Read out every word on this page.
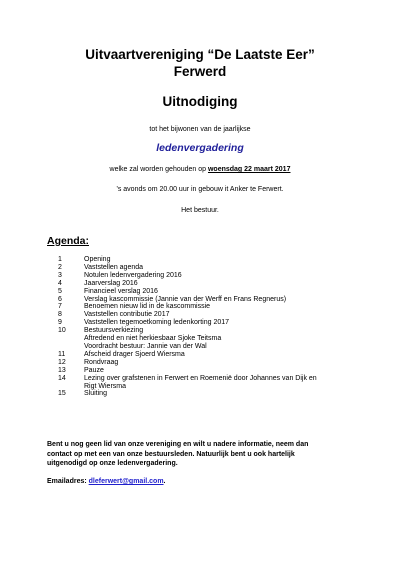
Uitvaartvereniging “De Laatste Eer”
Ferwerd
Uitnodiging
tot het bijwonen van de jaarlijkse
ledenvergadering
welke zal worden gehouden op woensdag 22 maart 2017
’s avonds om 20.00 uur in gebouw it Anker te Ferwert.
Het bestuur.
Agenda:
1	Opening
2	Vaststellen agenda
3	Notulen ledenvergadering 2016
4	Jaarverslag 2016
5	Financieel verslag 2016
6	Verslag kascommissie (Jannie van der Werff en Frans Regnerus)
7	Benoemen nieuw lid in de kascommissie
8	Vaststellen contributie 2017
9	Vaststellen tegemoetkoming ledenkorting 2017
10	Bestuursverkiezing
Aftredend en niet herkiesbaar Sjoke Teitsma
Voordracht bestuur: Jannie van der Wal
11	Afscheid drager Sjoerd Wiersma
12	Rondvraag
13	Pauze
14	Lezing over grafstenen in Ferwert en Roemenië door Johannes van Dijk en
Rigt Wiersma
15	Sluiting
Bent u nog geen lid van onze vereniging en wilt u nadere informatie, neem dan
contact op met een van onze bestuursleden. Natuurlijk bent u ook hartelijk
uitgenodigd op onze ledenvergadering.
Emailadres: dleferwert@gmail.com.
